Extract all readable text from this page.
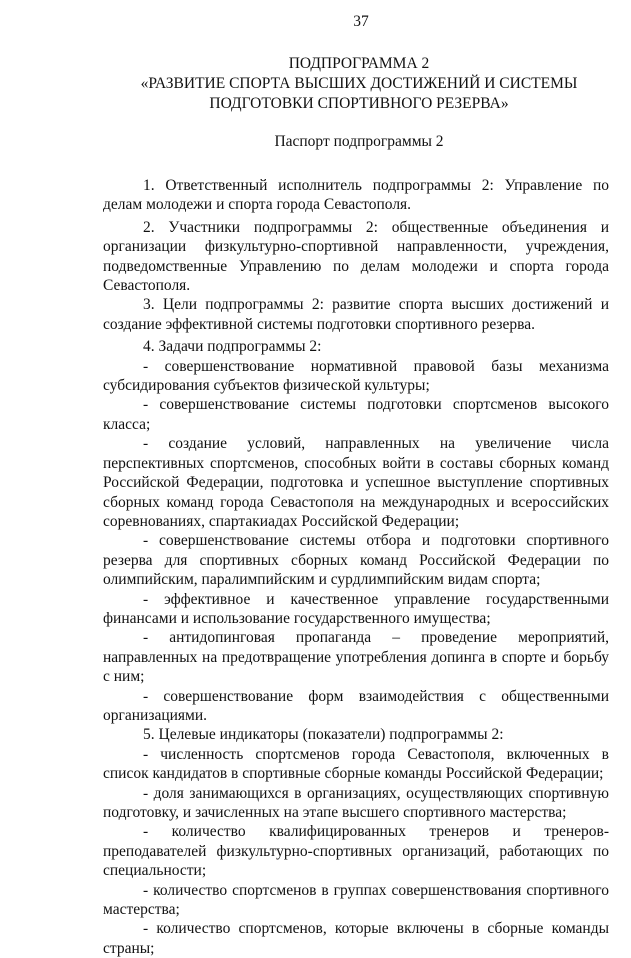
37
ПОДПРОГРАММА 2
«РАЗВИТИЕ СПОРТА ВЫСШИХ ДОСТИЖЕНИЙ И СИСТЕМЫ
ПОДГОТОВКИ СПОРТИВНОГО РЕЗЕРВА»
Паспорт подпрограммы 2

1. Ответственный исполнитель подпрограммы 2: Управление по делам молодежи и спорта города Севастополя.

2. Участники подпрограммы 2: общественные объединения и организации физкультурно-спортивной направленности, учреждения, подведомственные Управлению по делам молодежи и спорта города Севастополя.

3. Цели подпрограммы 2: развитие спорта высших достижений и создание эффективной системы подготовки спортивного резерва.

4. Задачи подпрограммы 2:

- совершенствование нормативной правовой базы механизма субсидирования субъектов физической культуры;

- совершенствование системы подготовки спортсменов высокого класса;

- создание условий, направленных на увеличение числа перспективных спортсменов, способных войти в составы сборных команд Российской Федерации, подготовка и успешное выступление спортивных сборных команд города Севастополя на международных и всероссийских соревнованиях, спартакиадах Российской Федерации;

- совершенствование системы отбора и подготовки спортивного резерва для спортивных сборных команд Российской Федерации по олимпийским, паралимпийским и сурдлимпийским видам спорта;

- эффективное и качественное управление государственными финансами и использование государственного имущества;

- антидопинговая пропаганда – проведение мероприятий, направленных на предотвращение употребления допинга в спорте и борьбу с ним;

- совершенствование форм взаимодействия с общественными организациями.

5. Целевые индикаторы (показатели) подпрограммы 2:

- численность спортсменов города Севастополя, включенных в список кандидатов в спортивные сборные команды Российской Федерации;

- доля занимающихся в организациях, осуществляющих спортивную подготовку, и зачисленных на этапе высшего спортивного мастерства;

- количество квалифицированных тренеров и тренеров-преподавателей физкультурно-спортивных организаций, работающих по специальности;

- количество спортсменов в группах совершенствования спортивного мастерства;

- количество спортсменов, которые включены в сборные команды страны;
